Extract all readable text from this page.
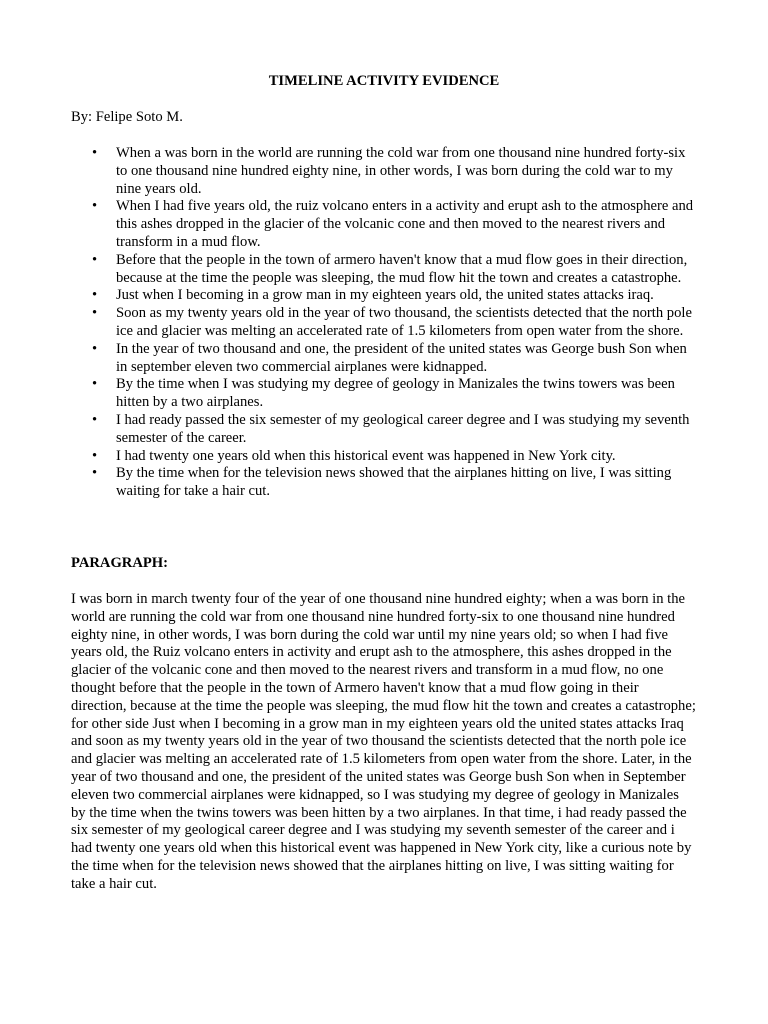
TIMELINE ACTIVITY EVIDENCE

By: Felipe Soto M.

• When a was born in the world are running the cold war from one thousand nine hundred forty-six to one thousand nine hundred eighty nine, in other words, I was born during the cold war to my nine years old.
• When I had five years old, the ruiz volcano enters in a activity and erupt ash to the atmosphere and this ashes dropped in the glacier of the volcanic cone and then moved to the nearest rivers and transform in a mud flow.
• Before that the people in the town of armero haven't know that a mud flow goes in their direction, because at the time the people was sleeping, the mud flow hit the town and creates a catastrophe.
• Just when I becoming in a grow man in my eighteen years old, the united states attacks iraq.
• Soon as my twenty years old in the year of two thousand, the scientists detected that the north pole ice and glacier was melting an accelerated rate of 1.5 kilometers from open water from the shore.
• In the year of two thousand and one, the president of the united states was George bush Son when in september eleven two commercial airplanes were kidnapped.
• By the time when I was studying my degree of geology in Manizales the twins towers was been hitten by a two airplanes.
• I had ready passed the six semester of my geological career degree and I was studying my seventh semester of the career.
• I had twenty one years old when this historical event was happened in New York city.
• By the time when for the television news showed that the airplanes hitting on live, I was sitting waiting for take a hair cut.

PARAGRAPH:

I was born in march twenty four of the year of one thousand nine hundred eighty; when a was born in the world are running the cold war from one thousand nine hundred forty-six to one thousand nine hundred eighty nine, in other words, I was born during the cold war until my nine years old; so when I had five years old, the Ruiz volcano enters in activity and erupt ash to the atmosphere, this ashes dropped in the glacier of the volcanic cone and then moved to the nearest rivers and transform in a mud flow, no one thought before that the people in the town of Armero haven't know that a mud flow going in their direction, because at the time the people was sleeping, the mud flow hit the town and creates a catastrophe; for other side Just when I becoming in a grow man in my eighteen years old the united states attacks Iraq and soon as my twenty years old in the year of two thousand the scientists detected that the north pole ice and glacier was melting an accelerated rate of 1.5 kilometers from open water from the shore. Later, in the year of two thousand and one, the president of the united states was George bush Son when in September eleven two commercial airplanes were kidnapped, so I was studying my degree of geology in Manizales by the time when the twins towers was been hitten by a two airplanes. In that time, i had ready passed the six semester of my geological career degree and I was studying my seventh semester of the career and i had twenty one years old when this historical event was happened in New York city, like a curious note by the time when for the television news showed that the airplanes hitting on live, I was sitting waiting for take a hair cut.
